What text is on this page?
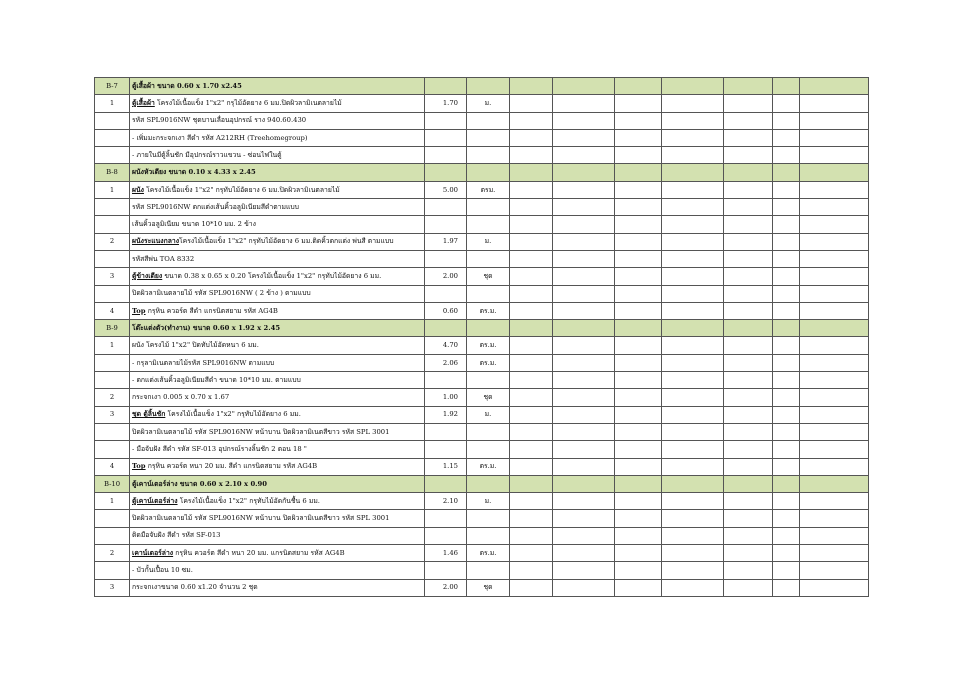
B-7	ตู้เสื้อผ้า ขนาด 0.60 x 1.70 x2.45									
1	ตู้เสื้อผ้า โครงไม้เนื้อแข็ง 1"x2" กรุไม้อัดยาง 6 มม.ปิดผิวลามิเนตลายไม้	1.70	ม.							
	รหัส SPL9016NW ชุดบานเลื่อนอุปกรณ์ ราง 940.60.430									
	- เพิ่มมะกระจกเงา สีดำ รหัส A212RH (Treehomegroup)									
	- ภายในมีตู้ลิ้นชัก มีอุปกรณ์ราวแขวน - ซ่อนไฟในตู้									
B-8	ผนังหัวเตียง ขนาด 0.10 x 4.33 x 2.45									
1	ผนัง โครงไม้เนื้อแข็ง 1"x2" กรุทับไม้อัดยาง 6 มม.ปิดผิวลามิเนตลายไม้	5.00	ตรม.							
	รหัส SPL9016NW ตกแต่งเส้นคิ้วอลูมิเนียมสีดำตามแบบ									
	เส้นคิ้วอลูมิเนียม ขนาด 10*10 มม. 2 ข้าง									
2	ผนังระแนงกลางโครงไม้เนื้อแข็ง 1"x2" กรุทับไม้อัดยาง 6 มม.ติดคิ้วตกแต่ง พ่นสี ตามแบบ	1.97	ม.							
	รหัสสีพ่น TOA 8332									
3	ตู้ข้างเตียง ขนาด 0.38 x 0.65 x 0.20 โครงไม้เนื้อแข็ง 1"x2" กรุทับไม้อัดยาง 6 มม.	2.00	ชุด							
	ปิดผิวลามิเนตลายไม้ รหัส SPL9016NW ( 2 ข้าง ) ตามแบบ									
4	Top กรุหิน ควอร์ต สีดำ แกรนิตสยาม รหัส AG4B	0.60	ตร.ม.							
B-9	โต๊ะแต่งตัว(ทำงาน) ขนาด 0.60 x 1.92 x 2.45									
1	ผนัง โครงไม้ 1"x2" ปิดทับไม้อัดหนา 6 มม.	4.70	ตร.ม.							
	- กรุลามิเนตลายไม้รหัส SPL9016NW ตามแบบ	2.06	ตร.ม.							
	- ตกแต่งเส้นคิ้วอลูมิเนียมสีดำ ขนาด 10*10 มม. ตามแบบ									
2	กระจกเงา 0.005 x 0.70 x 1.67	1.00	ชุด							
3	ชุด ตู้ลิ้นชัก โครงไม้เนื้อแข็ง 1"x2" กรุทับไม้อัดยาง 6 มม.	1.92	ม.							
	ปิดผิวลามิเนตลายไม้ รหัส SPL9016NW หน้าบาน ปิดผิวลามิเนตสีขาว รหัส SPL 3001									
	- มือจับฝัง สีดำ รหัส SF-013 อุปกรณ์รางลิ้นชัก 2 ตอน 18 "									
4	Top กรุหิน ควอร์ต หนา 20 มม. สีดำ แกรนิตสยาม รหัส AG4B	1.15	ตร.ม.							
B-10	ตู้เคาน์เตอร์ล่าง ขนาด 0.60 x 2.10 x 0.90									
1	ตู้เคาน์เตอร์ล่าง โครงไม้เนื้อแข็ง 1"x2" กรุทับไม้อัดกันชื้น 6 มม.	2.10	ม.							
	ปิดผิวลามิเนตลายไม้ รหัส SPL9016NW หน้าบาน ปิดผิวลามิเนตสีขาว รหัส SPL 3001									
	ติดมือจับฝัง สีดำ รหัส SF-013									
2	เคาน์เตอร์ล่าง กรุหิน ควอร์ต สีดำ หนา 20 มม. แกรนิตสยาม รหัส AG4B	1.46	ตร.ม.							
	- บัวกั้นเปื้อน 10 ซม.									
3	กระจกเงาขนาด 0.60 x1.20 จำนวน 2 ชุด	2.00	ชุด							
